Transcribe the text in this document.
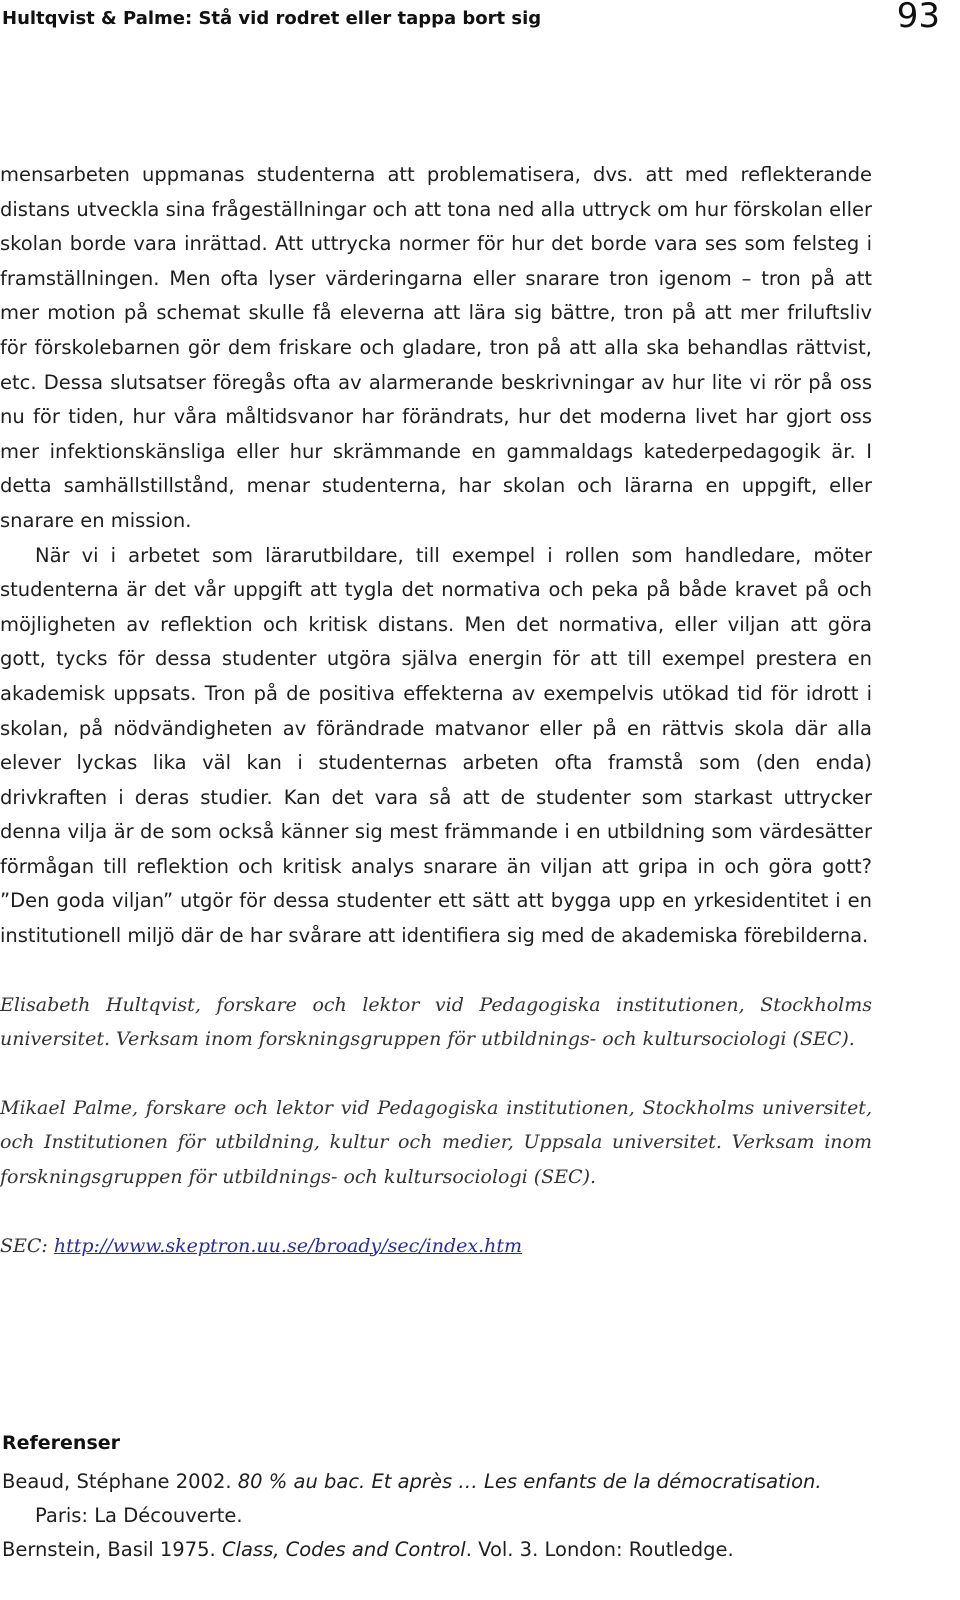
Hultqvist & Palme: Stå vid rodret eller tappa bort sig	93

mensarbeten uppmanas studenterna att problematisera, dvs. att med reflekterande distans utveckla sina frågeställningar och att tona ned alla uttryck om hur förskolan eller skolan borde vara inrättad. Att uttrycka normer för hur det borde vara ses som felsteg i framställningen. Men ofta lyser värderingarna eller snarare tron igenom – tron på att mer motion på schemat skulle få eleverna att lära sig bättre, tron på att mer friluftsliv för förskolebarnen gör dem friskare och gladare, tron på att alla ska behandlas rättvist, etc. Dessa slutsatser föregås ofta av alarmerande beskrivningar av hur lite vi rör på oss nu för tiden, hur våra måltidsvanor har förändrats, hur det moderna livet har gjort oss mer infektionskänsliga eller hur skrämmande en gammaldags katederpedagogik är. I detta samhällstillstånd, menar studenterna, har skolan och lärarna en uppgift, eller snarare en mission.

När vi i arbetet som lärarutbildare, till exempel i rollen som handledare, möter studenterna är det vår uppgift att tygla det normativa och peka på både kravet på och möjligheten av reflektion och kritisk distans. Men det normativa, eller viljan att göra gott, tycks för dessa studenter utgöra själva energin för att till exempel prestera en akademisk uppsats. Tron på de positiva effekterna av exempelvis utökad tid för idrott i skolan, på nödvändigheten av förändrade matvanor eller på en rättvis skola där alla elever lyckas lika väl kan i studenternas arbeten ofta framstå som (den enda) drivkraften i deras studier. Kan det vara så att de studenter som starkast uttrycker denna vilja är de som också känner sig mest främmande i en utbildning som värdesätter förmågan till reflektion och kritisk analys snarare än viljan att gripa in och göra gott? ”Den goda viljan” utgör för dessa studenter ett sätt att bygga upp en yrkesidentitet i en institutionell miljö där de har svårare att identifiera sig med de akademiska förebilderna.

Elisabeth Hultqvist, forskare och lektor vid Pedagogiska institutionen, Stockholms universitet. Verksam inom forskningsgruppen för utbildnings- och kultursociologi (SEC).

Mikael Palme, forskare och lektor vid Pedagogiska institutionen, Stockholms universitet, och Institutionen för utbildning, kultur och medier, Uppsala universitet. Verksam inom forskningsgruppen för utbildnings- och kultursociologi (SEC).

SEC: http://www.skeptron.uu.se/broady/sec/index.htm

Referenser

Beaud, Stéphane 2002. 80 % au bac. Et après … Les enfants de la démocratisation. Paris: La Découverte.

Bernstein, Basil 1975. Class, Codes and Control. Vol. 3. London: Routledge.
